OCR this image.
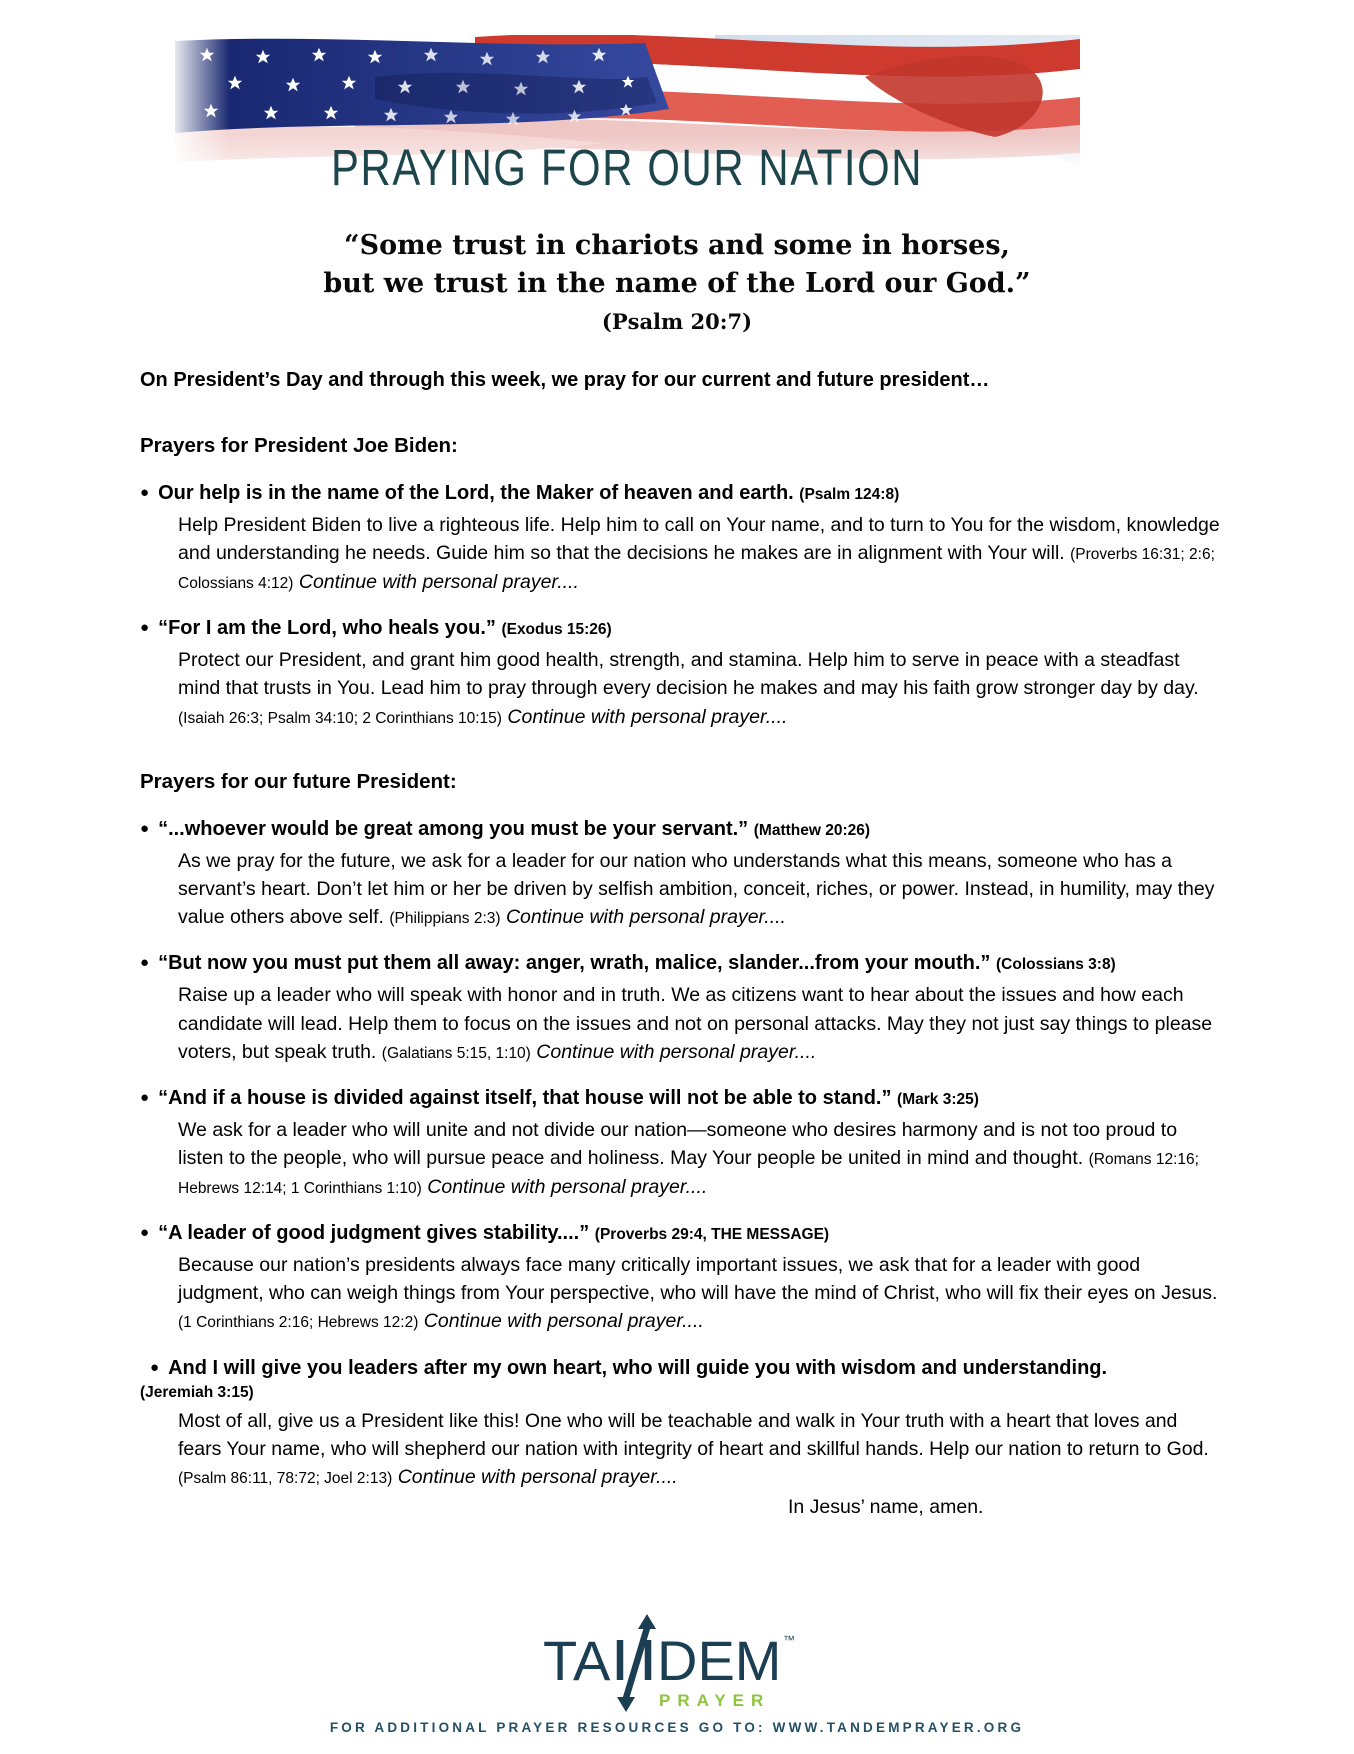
PRAYING FOR OUR NATION
“Some trust in chariots and some in horses,
but we trust in the name of the Lord our God.”
(Psalm 20:7)

On President’s Day and through this week, we pray for our current and future president…

Prayers for President Joe Biden:

● Our help is in the name of the Lord, the Maker of heaven and earth. (Psalm 124:8)

Help President Biden to live a righteous life. Help him to call on Your name, and to turn to You for the wisdom, knowledge and understanding he needs. Guide him so that the decisions he makes are in alignment with Your will. (Proverbs 16:31; 2:6; Colossians 4:12) Continue with personal prayer....

● “For I am the Lord, who heals you.” (Exodus 15:26)

Protect our President, and grant him good health, strength, and stamina. Help him to serve in peace with a steadfast mind that trusts in You. Lead him to pray through every decision he makes and may his faith grow stronger day by day. (Isaiah 26:3; Psalm 34:10; 2 Corinthians 10:15) Continue with personal prayer....

Prayers for our future President:

● “...whoever would be great among you must be your servant.” (Matthew 20:26)

As we pray for the future, we ask for a leader for our nation who understands what this means, someone who has a servant’s heart. Don’t let him or her be driven by selfish ambition, conceit, riches, or power. Instead, in humility, may they value others above self. (Philippians 2:3) Continue with personal prayer....

● “But now you must put them all away: anger, wrath, malice, slander...from your mouth.” (Colossians 3:8)

Raise up a leader who will speak with honor and in truth. We as citizens want to hear about the issues and how each candidate will lead. Help them to focus on the issues and not on personal attacks. May they not just say things to please voters, but speak truth. (Galatians 5:15, 1:10) Continue with personal prayer....

● “And if a house is divided against itself, that house will not be able to stand.” (Mark 3:25)

We ask for a leader who will unite and not divide our nation—someone who desires harmony and is not too proud to listen to the people, who will pursue peace and holiness. May Your people be united in mind and thought. (Romans 12:16; Hebrews 12:14; 1 Corinthians 1:10) Continue with personal prayer....

● “A leader of good judgment gives stability....” (Proverbs 29:4, THE MESSAGE)

Because our nation’s presidents always face many critically important issues, we ask that for a leader with good judgment, who can weigh things from Your perspective, who will have the mind of Christ, who will fix their eyes on Jesus. (1 Corinthians 2:16; Hebrews 12:2) Continue with personal prayer....

● And I will give you leaders after my own heart, who will guide you with wisdom and understanding.

(Jeremiah 3:15)

Most of all, give us a President like this! One who will be teachable and walk in Your truth with a heart that loves and fears Your name, who will shepherd our nation with integrity of heart and skillful hands. Help our nation to return to God. (Psalm 86:11, 78:72; Joel 2:13) Continue with personal prayer....

In Jesus’ name, amen.

TA DEM ™
PRAYER
FOR ADDITIONAL PRAYER RESOURCES GO TO: WWW.TANDEMPRAYER.ORG
